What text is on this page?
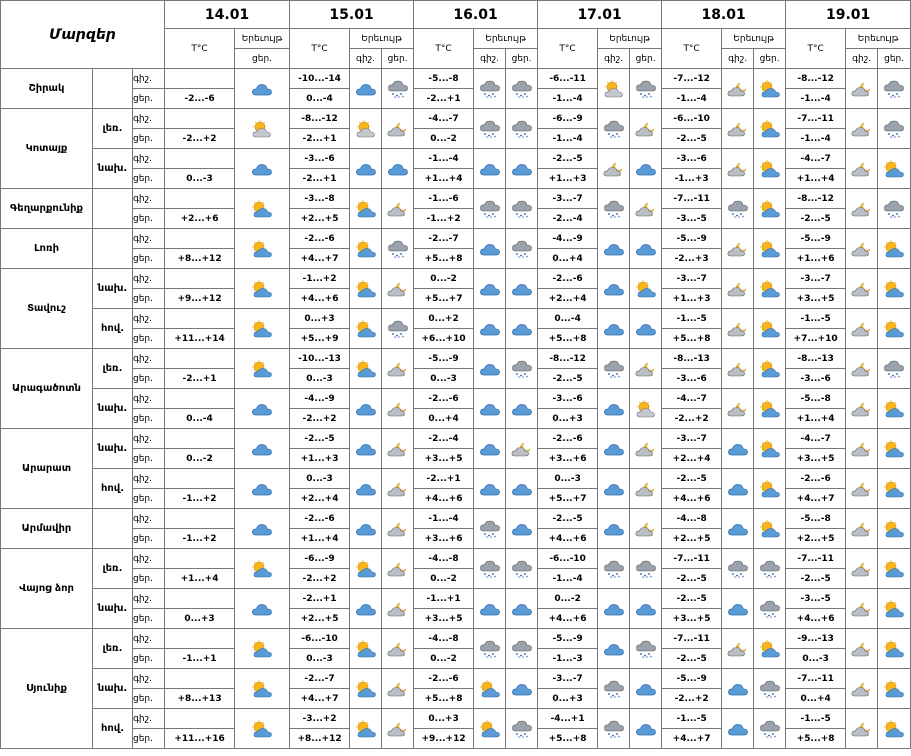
Մարզեր			14.01		15.01			16.01			17.01			18.01			19.01		
			T°C	Երեւույթ	T°C	Երեւույթ		T°C	Երեւույթ		T°C	Երեւույթ		T°C	Երեւույթ		T°C	Երեւույթ	
				ցեր.		գիշ.	ցեր.		գիշ.	ցեր.		գիշ.	ցեր.		գիշ.	ցեր.		գիշ.	ցեր.
Շիրակ		գիշ.			-10...-14			-5...-8			-6...-11			-7...-12			-8...-12	

		ցեր.	-2...-6		0...-4			-2...+1			-1...-4			-1...-4			-1...-4		
Կոտայք	լեռ.	գիշ.			-8...-12			-4...-7			-6...-9			-6...-10			-7...-11	

		ցեր.	-2...+2		-2...+1			0...-2			-1...-4			-2...-5			-1...-4		
	նախ.	գիշ.			-3...-6			-1...-4			-2...-5			-3...-6			-4...-7	

		ցեր.	0...-3		-2...+1			+1...+4			+1...+3			-1...+3			+1...+4		
Գեղարքունիք		գիշ.			-3...-8			-1...-6			-3...-7			-7...-11			-8...-12	

		ցեր.	+2...+6		+2...+5			-1...+2			-2...-4			-3...-5			-2...-5		
Լոռի		գիշ.			-2...-6			-2...-7			-4...-9			-5...-9			-5...-9	

		ցեր.	+8...+12		+4...+7			+5...+8			0...+4			-2...+3			+1...+6		
Տավուշ	նախ.	գիշ.			-1...+2			0...-2			-2...-6			-3...-7			-3...-7	

		ցեր.	+9...+12		+4...+6			+5...+7			+2...+4			+1...+3			+3...+5		
	հով.	գիշ.			0...+3			0...+2			0...-4			-1...-5			-1...-5	

		ցեր.	+11...+14		+5...+9			+6...+10			+5...+8			+5...+8			+7...+10		
Արագածոտն	լեռ.	գիշ.			-10...-13			-5...-9			-8...-12			-8...-13			-8...-13	

		ցեր.	-2...+1		0...-3			0...-3			-2...-5			-3...-6			-3...-6		
	նախ.	գիշ.			-4...-9			-2...-6			-3...-6			-4...-7			-5...-8	

		ցեր.	0...-4		-2...+2			0...+4			0...+3			-2...+2			+1...+4		
Արարատ	նախ.	գիշ.			-2...-5			-2...-4			-2...-6			-3...-7			-4...-7	

		ցեր.	0...-2		+1...+3			+3...+5			+3...+6			+2...+4			+3...+5		
	հով.	գիշ.			0...-3			-2...+1			0...-3			-2...-5			-2...-6	

		ցեր.	-1...+2		+2...+4			+4...+6			+5...+7			+4...+6			+4...+7		
Արմավիր		գիշ.			-2...-6			-1...-4			-2...-5			-4...-8			-5...-8	

		ցեր.	-1...+2		+1...+4			+3...+6			+4...+6			+2...+5			+2...+5		
Վայոց ձոր	լեռ.	գիշ.			-6...-9			-4...-8			-6...-10			-7...-11			-7...-11	

		ցեր.	+1...+4		-2...+2			0...-2			-1...-4			-2...-5			-2...-5		
	նախ.	գիշ.			-2...+1			-1...+1			0...-2			-2...-5			-3...-5	

		ցեր.	0...+3		+2...+5			+3...+5			+4...+6			+3...+5			+4...+6		
Սյունիք	լեռ.	գիշ.			-6...-10			-4...-8			-5...-9			-7...-11			-9...-13	

		ցեր.	-1...+1		0...-3			0...-2			-1...-3			-2...-5			0...-3		
	նախ.	գիշ.			-2...-7			-2...-6			-3...-7			-5...-9			-7...-11	

		ցեր.	+8...+13		+4...+7			+5...+8			0...+3			-2...+2			0...+4		
	հով.	գիշ.			-3...+2			0...+3			-4...+1			-1...-5			-1...-5	

		ցեր.	+11...+16		+8...+12			+9...+12			+5...+8			+4...+7			+5...+8		
